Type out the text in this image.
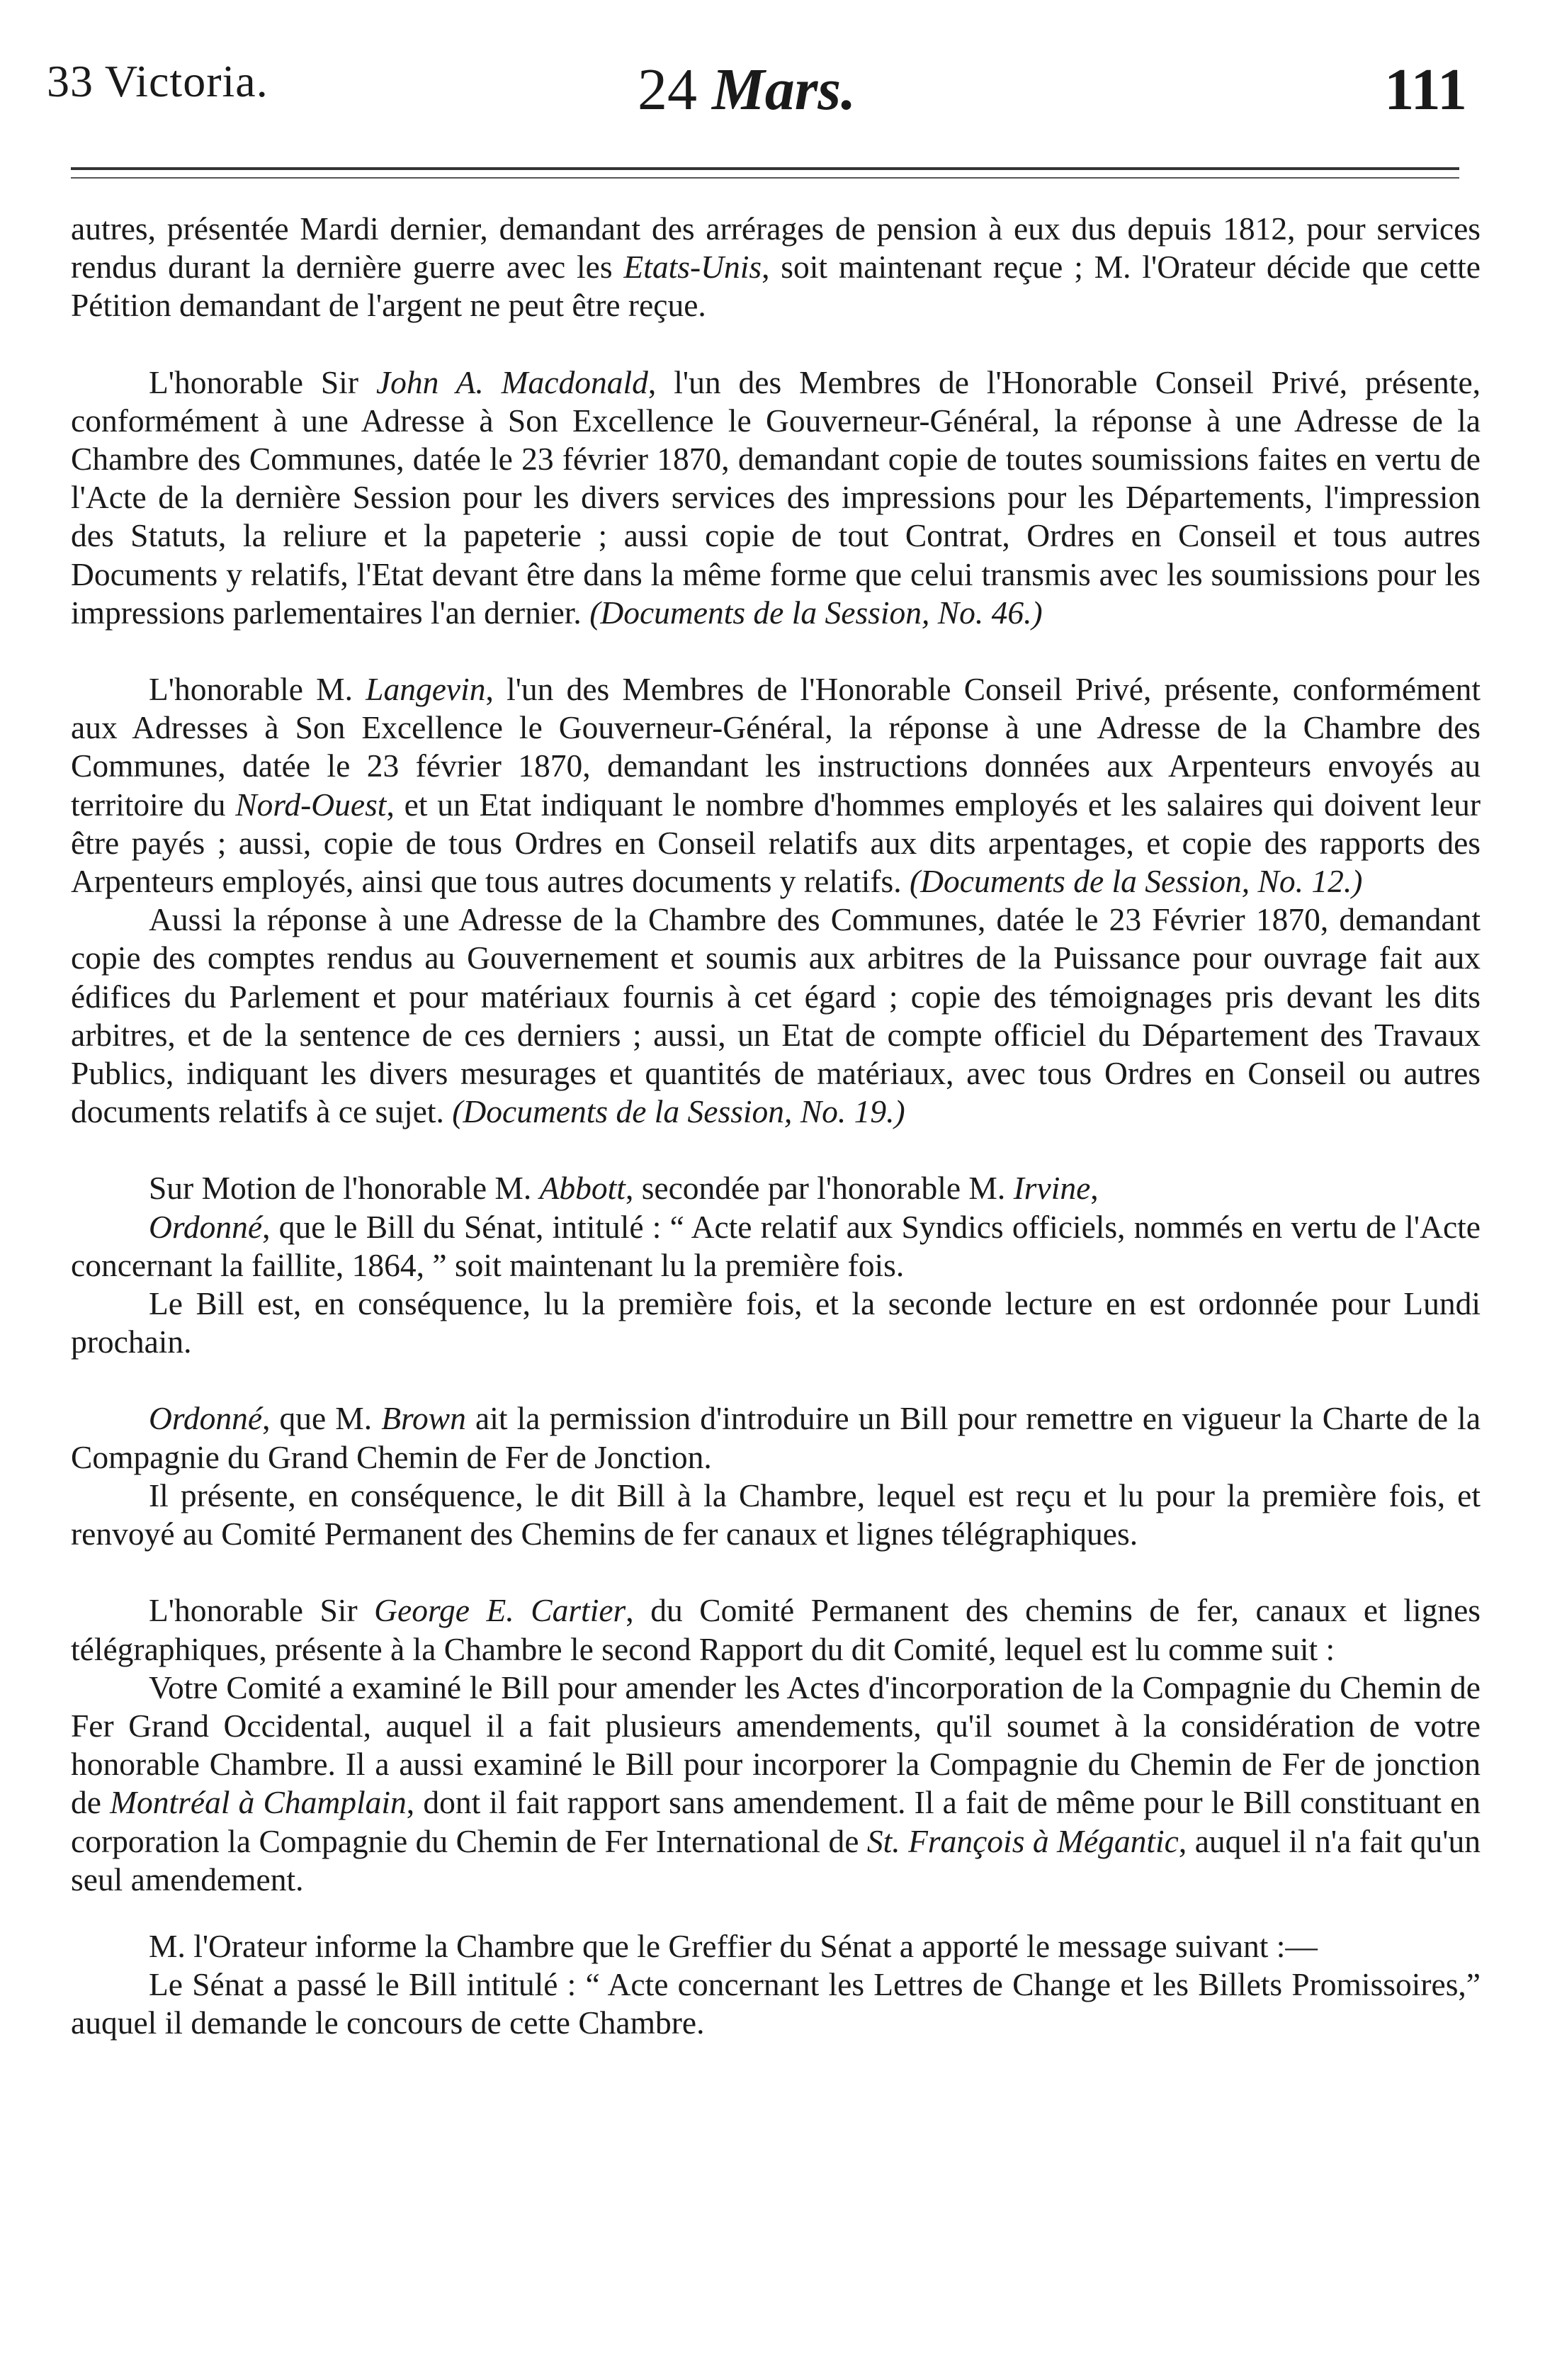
33 Victoria.	24 Mars.	111

autres, présentée Mardi dernier, demandant des arrérages de pension à eux dus depuis 1812, pour services rendus durant la dernière guerre avec les Etats-Unis, soit maintenant reçue ; M. l'Orateur décide que cette Pétition demandant de l'argent ne peut être reçue.

L'honorable Sir John A. Macdonald, l'un des Membres de l'Honorable Conseil Privé, présente, conformément à une Adresse à Son Excellence le Gouverneur-Général, la réponse à une Adresse de la Chambre des Communes, datée le 23 février 1870, demandant copie de toutes soumissions faites en vertu de l'Acte de la dernière Session pour les divers services des impressions pour les Départements, l'impression des Statuts, la reliure et la papeterie ; aussi copie de tout Contrat, Ordres en Conseil et tous autres Documents y relatifs, l'Etat devant être dans la même forme que celui transmis avec les soumissions pour les impressions parlementaires l'an dernier. (Documents de la Session, No. 46.)

L'honorable M. Langevin, l'un des Membres de l'Honorable Conseil Privé, présente, conformément aux Adresses à Son Excellence le Gouverneur-Général, la réponse à une Adresse de la Chambre des Communes, datée le 23 février 1870, demandant les instructions données aux Arpenteurs envoyés au territoire du Nord-Ouest, et un Etat indiquant le nombre d'hommes employés et les salaires qui doivent leur être payés ; aussi, copie de tous Ordres en Conseil relatifs aux dits arpentages, et copie des rapports des Arpenteurs employés, ainsi que tous autres documents y relatifs. (Documents de la Session, No. 12.)

Aussi la réponse à une Adresse de la Chambre des Communes, datée le 23 Février 1870, demandant copie des comptes rendus au Gouvernement et soumis aux arbitres de la Puissance pour ouvrage fait aux édifices du Parlement et pour matériaux fournis à cet égard ; copie des témoignages pris devant les dits arbitres, et de la sentence de ces derniers ; aussi, un Etat de compte officiel du Département des Travaux Publics, indiquant les divers mesurages et quantités de matériaux, avec tous Ordres en Conseil ou autres documents relatifs à ce sujet. (Documents de la Session, No. 19.)

Sur Motion de l'honorable M. Abbott, secondée par l'honorable M. Irvine,

Ordonné, que le Bill du Sénat, intitulé : “ Acte relatif aux Syndics officiels, nommés en vertu de l'Acte concernant la faillite, 1864, ” soit maintenant lu la première fois.

Le Bill est, en conséquence, lu la première fois, et la seconde lecture en est ordonnée pour Lundi prochain.

Ordonné, que M. Brown ait la permission d'introduire un Bill pour remettre en vigueur la Charte de la Compagnie du Grand Chemin de Fer de Jonction.

Il présente, en conséquence, le dit Bill à la Chambre, lequel est reçu et lu pour la première fois, et renvoyé au Comité Permanent des Chemins de fer canaux et lignes télégraphiques.

L'honorable Sir George E. Cartier, du Comité Permanent des chemins de fer, canaux et lignes télégraphiques, présente à la Chambre le second Rapport du dit Comité, lequel est lu comme suit :

Votre Comité a examiné le Bill pour amender les Actes d'incorporation de la Compagnie du Chemin de Fer Grand Occidental, auquel il a fait plusieurs amendements, qu'il soumet à la considération de votre honorable Chambre. Il a aussi examiné le Bill pour incorporer la Compagnie du Chemin de Fer de jonction de Montréal à Champlain, dont il fait rapport sans amendement. Il a fait de même pour le Bill constituant en corporation la Compagnie du Chemin de Fer International de St. François à Mégantic, auquel il n'a fait qu'un seul amendement.

M. l'Orateur informe la Chambre que le Greffier du Sénat a apporté le message suivant :—

Le Sénat a passé le Bill intitulé : “ Acte concernant les Lettres de Change et les Billets Promissoires,” auquel il demande le concours de cette Chambre.
